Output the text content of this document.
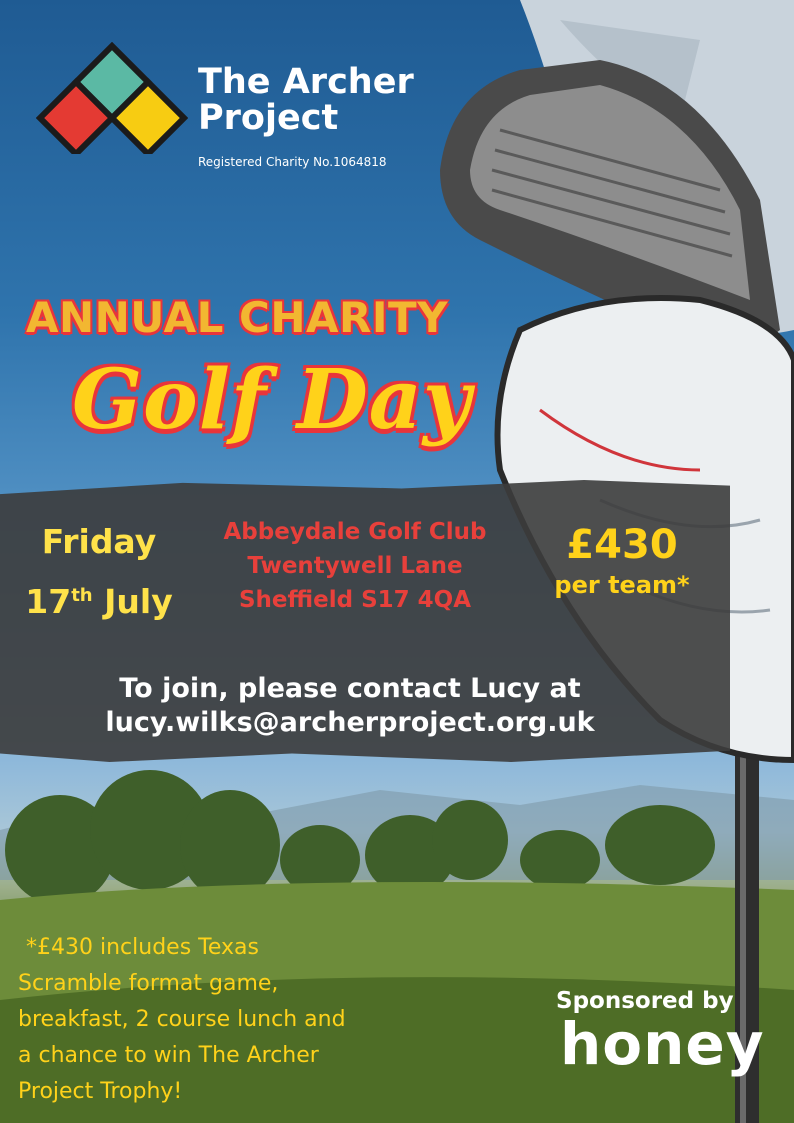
The Archer Project
Registered Charity No.1064818
ANNUAL CHARITY
Golf Day
Friday
17th July
Abbeydale Golf Club
Twentywell Lane
Sheffield S17 4QA
£430
per team*
To join, please contact Lucy at
lucy.wilks@archerproject.org.uk
*£430 includes Texas
Scramble format game,
breakfast, 2 course lunch and
a chance to win The Archer
Project Trophy!
Sponsored by
honey
